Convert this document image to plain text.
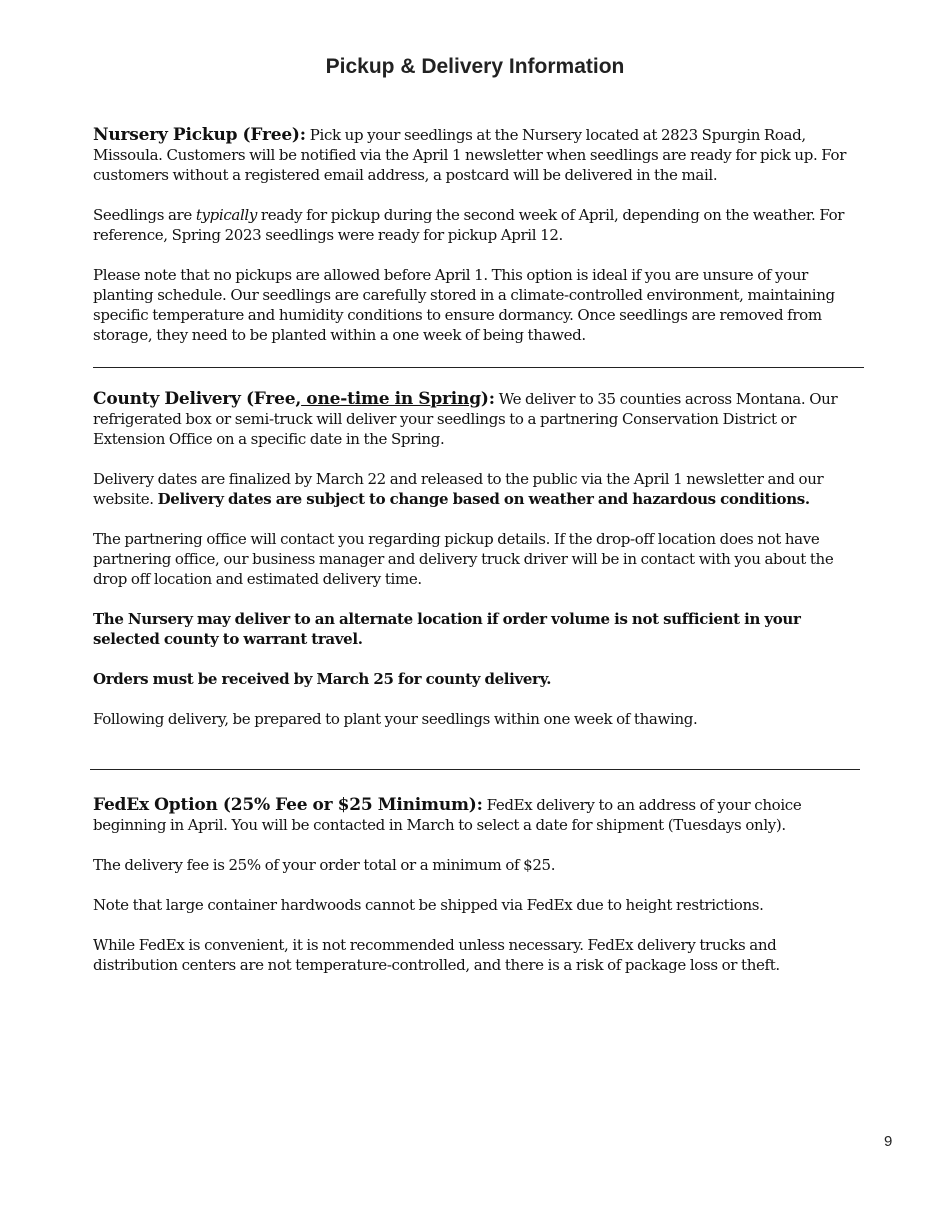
Pickup & Delivery Information

Nursery Pickup (Free): Pick up your seedlings at the Nursery located at 2823 Spurgin Road, Missoula. Customers will be notified via the April 1 newsletter when seedlings are ready for pick up. For customers without a registered email address, a postcard will be delivered in the mail.

Seedlings are typically ready for pickup during the second week of April, depending on the weather. For reference, Spring 2023 seedlings were ready for pickup April 12.

Please note that no pickups are allowed before April 1. This option is ideal if you are unsure of your planting schedule. Our seedlings are carefully stored in a climate-controlled environment, maintaining specific temperature and humidity conditions to ensure dormancy. Once seedlings are removed from storage, they need to be planted within a one week of being thawed.

County Delivery (Free, one-time in Spring): We deliver to 35 counties across Montana. Our refrigerated box or semi-truck will deliver your seedlings to a partnering Conservation District or Extension Office on a specific date in the Spring.

Delivery dates are finalized by March 22 and released to the public via the April 1 newsletter and our website. Delivery dates are subject to change based on weather and hazardous conditions.

The partnering office will contact you regarding pickup details. If the drop-off location does not have partnering office, our business manager and delivery truck driver will be in contact with you about the drop off location and estimated delivery time.

The Nursery may deliver to an alternate location if order volume is not sufficient in your selected county to warrant travel.

Orders must be received by March 25 for county delivery.

Following delivery, be prepared to plant your seedlings within one week of thawing.

FedEx Option (25% Fee or $25 Minimum): FedEx delivery to an address of your choice beginning in April. You will be contacted in March to select a date for shipment (Tuesdays only).

The delivery fee is 25% of your order total or a minimum of $25.

Note that large container hardwoods cannot be shipped via FedEx due to height restrictions.

While FedEx is convenient, it is not recommended unless necessary. FedEx delivery trucks and distribution centers are not temperature-controlled, and there is a risk of package loss or theft.

9
